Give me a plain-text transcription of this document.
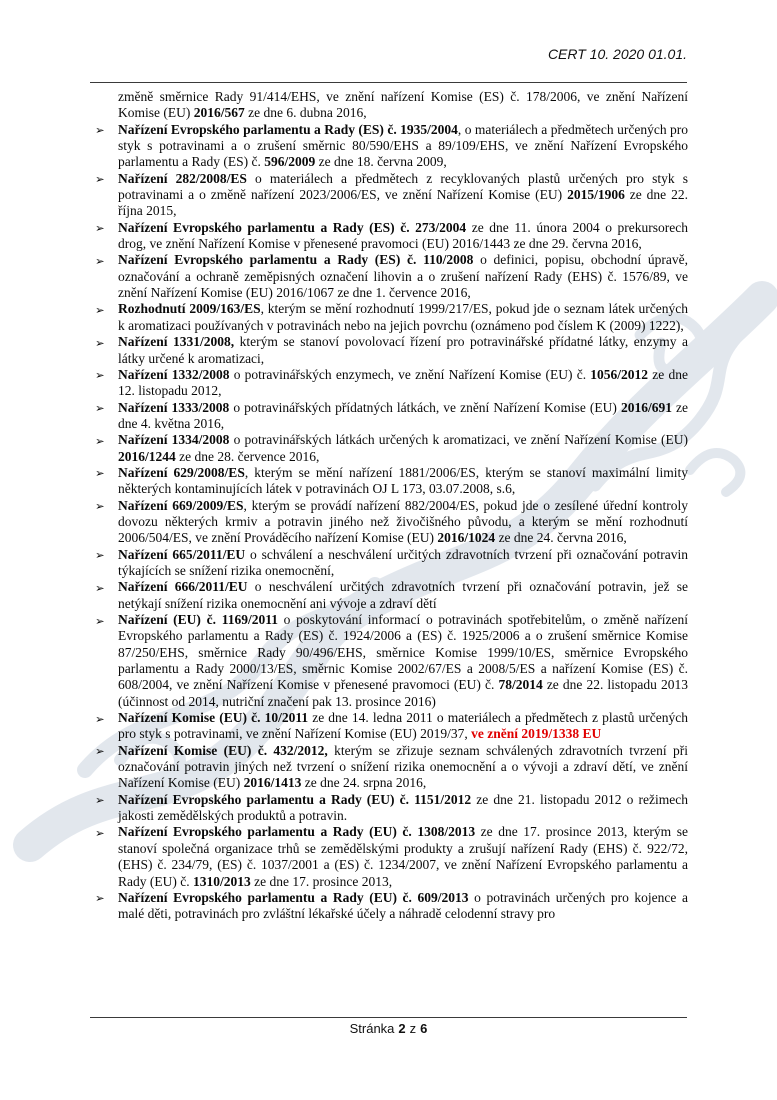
CERT 10. 2020 01.01.
změně směrnice Rady 91/414/EHS, ve znění nařízení Komise (ES) č. 178/2006, ve znění Nařízení Komise (EU) 2016/567 ze dne 6. dubna 2016,
➢ Nařízení Evropského parlamentu a Rady (ES) č. 1935/2004, o materiálech a předmětech určených pro styk s potravinami a o zrušení směrnic 80/590/EHS a 89/109/EHS, ve znění Nařízení Evropského parlamentu a Rady (ES) č. 596/2009 ze dne 18. června 2009,
➢ Nařízení 282/2008/ES o materiálech a předmětech z recyklovaných plastů určených pro styk s potravinami a o změně nařízení 2023/2006/ES, ve znění Nařízení Komise (EU) 2015/1906 ze dne 22. října 2015,
➢ Nařízení Evropského parlamentu a Rady (ES) č. 273/2004 ze dne 11. února 2004 o prekursorech drog, ve znění Nařízení Komise v přenesené pravomoci (EU) 2016/1443 ze dne 29. června 2016,
➢ Nařízení Evropského parlamentu a Rady (ES) č. 110/2008 o definici, popisu, obchodní úpravě, označování a ochraně zeměpisných označení lihovin a o zrušení nařízení Rady (EHS) č. 1576/89, ve znění Nařízení Komise (EU) 2016/1067 ze dne 1. července 2016,
➢ Rozhodnutí 2009/163/ES, kterým se mění rozhodnutí 1999/217/ES, pokud jde o seznam látek určených k aromatizaci používaných v potravinách nebo na jejich povrchu (oznámeno pod číslem K (2009) 1222),
➢ Nařízení 1331/2008, kterým se stanoví povolovací řízení pro potravinářské přídatné látky, enzymy a látky určené k aromatizaci,
➢ Nařízení 1332/2008 o potravinářských enzymech, ve znění Nařízení Komise (EU) č. 1056/2012 ze dne 12. listopadu 2012,
➢ Nařízení 1333/2008 o potravinářských přídatných látkách, ve znění Nařízení Komise (EU) 2016/691 ze dne 4. května 2016,
➢ Nařízení 1334/2008 o potravinářských látkách určených k aromatizaci, ve znění Nařízení Komise (EU) 2016/1244 ze dne 28. července 2016,
➢ Nařízení 629/2008/ES, kterým se mění nařízení 1881/2006/ES, kterým se stanoví maximální limity některých kontaminujících látek v potravinách OJ L 173, 03.07.2008, s.6,
➢ Nařízení 669/2009/ES, kterým se provádí nařízení 882/2004/ES, pokud jde o zesílené úřední kontroly dovozu některých krmiv a potravin jiného než živočišného původu, a kterým se mění rozhodnutí 2006/504/ES, ve znění Prováděcího nařízení Komise (EU) 2016/1024 ze dne 24. června 2016,
➢ Nařízení 665/2011/EU o schválení a neschválení určitých zdravotních tvrzení při označování potravin týkajících se snížení rizika onemocnění,
➢ Nařízení 666/2011/EU o neschválení určitých zdravotních tvrzení při označování potravin, jež se netýkají snížení rizika onemocnění ani vývoje a zdraví dětí
➢ Nařízení (EU) č. 1169/2011 o poskytování informací o potravinách spotřebitelům, o změně nařízení Evropského parlamentu a Rady (ES) č. 1924/2006 a (ES) č. 1925/2006 a o zrušení směrnice Komise 87/250/EHS, směrnice Rady 90/496/EHS, směrnice Komise 1999/10/ES, směrnice Evropského parlamentu a Rady 2000/13/ES, směrnic Komise 2002/67/ES a 2008/5/ES a nařízení Komise (ES) č. 608/2004, ve znění Nařízení Komise v přenesené pravomoci (EU) č. 78/2014 ze dne 22. listopadu 2013 (účinnost od 2014, nutriční značení pak 13. prosince 2016)
➢ Nařízení Komise (EU) č. 10/2011 ze dne 14. ledna 2011 o materiálech a předmětech z plastů určených pro styk s potravinami, ve znění Nařízení Komise (EU) 2019/37, ve znění 2019/1338 EU
➢ Nařízení Komise (EU) č. 432/2012, kterým se zřizuje seznam schválených zdravotních tvrzení při označování potravin jiných než tvrzení o snížení rizika onemocnění a o vývoji a zdraví dětí, ve znění Nařízení Komise (EU) 2016/1413 ze dne 24. srpna 2016,
➢ Nařízení Evropského parlamentu a Rady (EU) č. 1151/2012 ze dne 21. listopadu 2012 o režimech jakosti zemědělských produktů a potravin.
➢ Nařízení Evropského parlamentu a Rady (EU) č. 1308/2013 ze dne 17. prosince 2013, kterým se stanoví společná organizace trhů se zemědělskými produkty a zrušují nařízení Rady (EHS) č. 922/72, (EHS) č. 234/79, (ES) č. 1037/2001 a (ES) č. 1234/2007, ve znění Nařízení Evropského parlamentu a Rady (EU) č. 1310/2013 ze dne 17. prosince 2013,
➢ Nařízení Evropského parlamentu a Rady (EU) č. 609/2013 o potravinách určených pro kojence a malé děti, potravinách pro zvláštní lékařské účely a náhradě celodenní stravy pro
Stránka 2 z 6
